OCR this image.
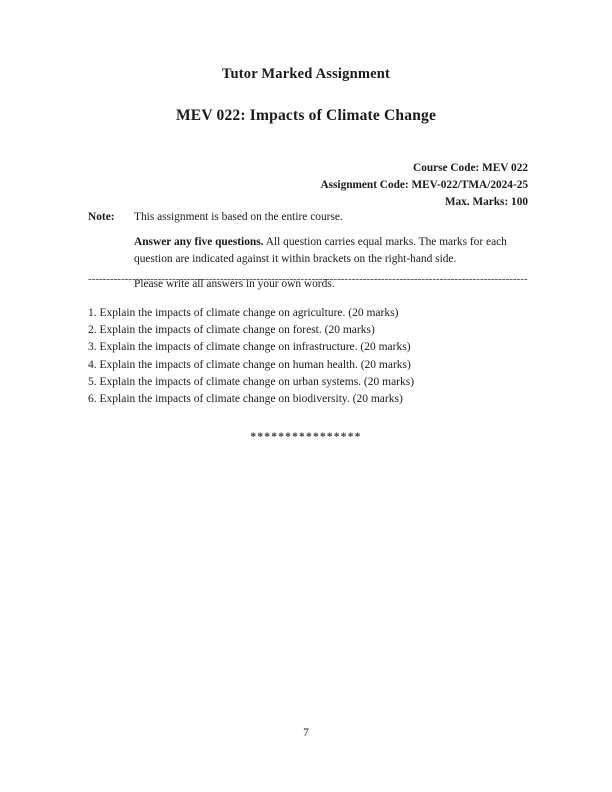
Tutor Marked Assignment
MEV 022: Impacts of Climate Change
Course Code: MEV 022
Assignment Code: MEV-022/TMA/2024-25
Max. Marks: 100
Note: This assignment is based on the entire course.
Answer any five questions. All question carries equal marks. The marks for each question are indicated against it within brackets on the right-hand side.
Please write all answers in your own words.
1. Explain the impacts of climate change on agriculture. (20 marks)
2. Explain the impacts of climate change on forest. (20 marks)
3. Explain the impacts of climate change on infrastructure. (20 marks)
4. Explain the impacts of climate change on human health. (20 marks)
5. Explain the impacts of climate change on urban systems. (20 marks)
6. Explain the impacts of climate change on biodiversity. (20 marks)
****************
7
